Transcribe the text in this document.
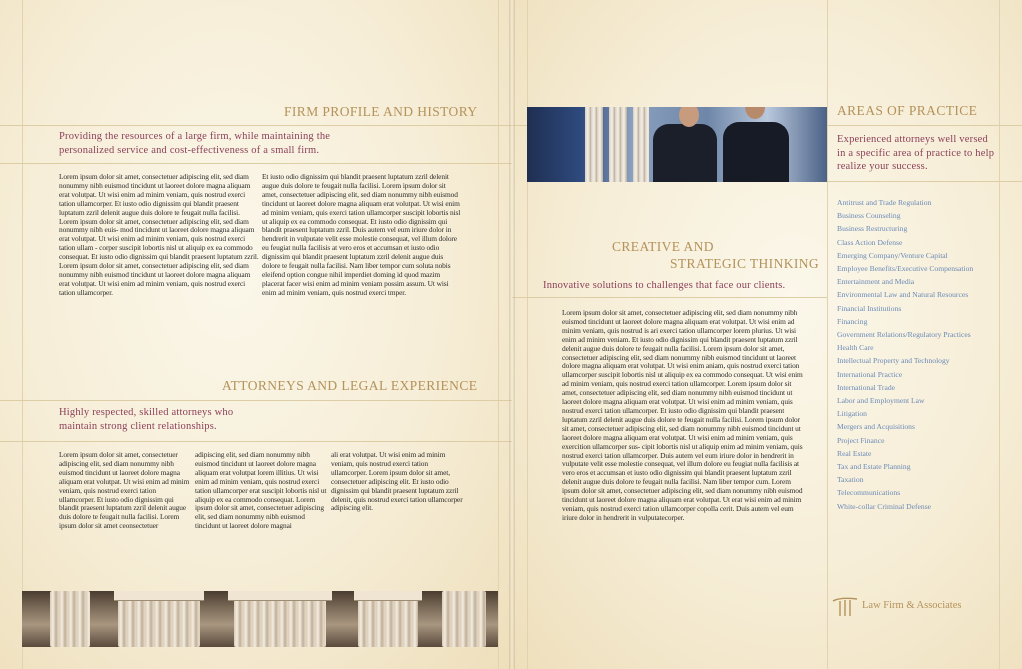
FIRM PROFILE AND HISTORY

Providing the resources of a large firm, while maintaining the personalized service and cost-effectiveness of a small firm.

Lorem ipsum dolor sit amet, consectetuer adipiscing elit, sed diam nonummy nibh euismod tincidunt ut laoreet dolore magna aliquam erat volutpat. Ut wisi enim ad minim veniam, quis nostrud exerci tation ullamcorper. Et iusto odio dignissim qui blandit praesent luptatum zzril delenit augue duis dolore te feugait nulla facilisi. Lorem ipsum dolor sit amet, consectetuer adipiscing elit, sed diam nonummy nibh euis- mod tincidunt ut laoreet dolore magna aliquam erat volutpat. Ut wisi enim ad minim veniam, quis nostrud exerci tation ullam - corper suscipit lobortis nisl ut aliquip ex ea commodo consequat. Et iusto odio dignissim qui blandit praesent luptatum zzril. Lorem ipsum dolor sit amet, consectetuer adipiscing elit, sed diam nonummy nibh euismod tincidunt ut laoreet dolore magna aliquam erat volutpat. Ut wisi enim ad minim veniam, quis nostrud exerci tation ullamcorper.

Et iusto odio dignissim qui blandit praesent luptatum zzril delenit augue duis dolore te feugait nulla facilisi. Lorem ipsum dolor sit amet, consectetuer adipiscing elit, sed diam nonummy nibh euismod tincidunt ut laoreet dolore magna aliquam erat volutpat. Ut wisi enim ad minim veniam, quis exerci tation ullamcorper suscipit lobortis nisl ut aliquip ex ea commodo consequat. Et iusto odio dignissim qui blandit praesent luptatum zzril. Duis autem vel eum iriure dolor in hendrerit in vulputate velit esse molestie consequat, vel illum dolore eu feugiat nulla facilisis at vero eros et accumsan et iusto odio dignissim qui blandit praesent luptatum zzril delenit augue duis dolore te feugait nulla facilisi. Nam liber tempor cum soluta nobis eleifend option congue nihil imperdiet doming id quod mazim placerat facer wisi enim ad minim veniam possim assum. Ut wisi enim ad minim veniam, quis nostrud exerci tmper.

ATTORNEYS AND LEGAL EXPERIENCE

Highly respected, skilled attorneys who maintain strong client relationships.

Lorem ipsum dolor sit amet, consectetuer adipiscing elit, sed diam nonummy nibh euismod tincidunt ut laoreet dolore magna aliquam erat volutpat. Ut wisi enim ad minim veniam, quis nostrud exerci tation ullamcorper. Et iusto odio dignissim qui blandit praesent luptatum zzril delenit augue duis dolore te feugait nulla facilisi. Lorem ipsum dolor sit amet ceonsectetuer

adipiscing elit, sed diam nonummy nibh euismod tincidunt ut laoreet dolore magna aliquam erat volutpat lorem illitius. Ut wisi enim ad minim veniam, quis nostrud exerci tation ullamcorper erat suscipit lobortis nisl ut aliquip ex ea commodo consequat. Lorem ipsum dolor sit amet, consectetuer adipiscing elit, sed diam nonummy nibh euismod tincidunt ut laoreet dolore magnai

ali erat volutpat. Ut wisi enim ad minim veniam, quis nostrud exerci tation ullamcorper. Lorem ipsum dolor sit amet, consectetuer adipiscing elit. Et iusto odio dignissim qui blandit praesent luptatum zzril delenit, quis nostrud exerci tation ullamcorper adipiscing elit.

CREATIVE AND
STRATEGIC THINKING

Innovative solutions to challenges that face our clients.

Lorem ipsum dolor sit amet, consectetuer adipiscing elit, sed diam nonummy nibh euismod tincidunt ut laoreet dolore magna aliquam erat volutpat. Ut wisi enim ad minim veniam, quis nostrud is ari exerci tation ullamcorper lorem plurius. Ut wisi enim ad minim veniam. Et iusto odio dignissim qui blandit praesent luptatum zzril delenit augue duis dolore te feugait nulla facilisi. Lorem ipsum dolor sit amet, consectetuer adipiscing elit, sed diam nonummy nibh euismod tincidunt ut laoreet dolore magna aliquam erat volutpat. Ut wisi enim aniam, quis nostrud exerci tation ullamcorper suscipit lobortis nisl ut aliquip ex ea commodo consequat. Ut wisi enim ad minim veniam, quis nostrud exerci tation ullamcorper. Lorem ipsum dolor sit amet, consectetuer adipiscing elit, sed diam nonummy nibh euismod tincidunt ut laoreet dolore magna aliquam erat volutpat. Ut wisi enim ad minim veniam, quis nostrud exerci tation ullamcorper. Et iusto odio dignissim qui blandit praesent luptatum zzril delenit augue duis dolore te feugait nulla facilisi. Lorem ipsum dolor sit amet, consectetuer adipiscing elit, sed diam nonummy nibh euismod tincidunt ut laoreet dolore magna aliquam erat volutpat. Ut wisi enim ad minim veniam, quis exercition ullamcorper sus- cipit lobortis nisl ut aliquip enim ad minim veniam, quis nostrud exerci tation ullamcorper. Duis autem vel eum iriure dolor in hendrerit in vulputate velit esse molestie consequat, vel illum dolore eu feugiat nulla facilisis at vero eros et accumsan et iusto odio dignissim qui blandit praesent luptatum zzril delenit augue duis dolore te feugait nulla facilisi. Nam liber tempor cum. Lorem ipsum dolor sit amet, consectetuer adipiscing elit, sed diam nonummy nibh euismod tincidunt ut laoreet dolore magna aliquam erat volutpat. Ut erat wisi enim ad minim veniam, quis nostrud exerci tation ullamcorper copolla cerit. Duis autem vel eum iriure dolor in hendrerit in vulputatecorper.

AREAS OF PRACTICE

Experienced attorneys well versed in a specific area of practice to help realize your success.

Antitrust and Trade Regulation
Business Counseling
Business Restructuring
Class Action Defense
Emerging Company/Venture Capital
Employee Benefits/Executive Compensation
Entertainment and Media
Environmental Law and Natural Resources
Financial Institutions
Financing
Government Relations/Regulatory Practices
Health Care
Intellectual Property and Technology
International Practice
International Trade
Labor and Employment Law
Litigation
Mergers and Acquisitions
Project Finance
Real Estate
Tax and Estate Planning
Taxation
Telecommunications
White-collar Criminal Defense
Law Firm & Associates
